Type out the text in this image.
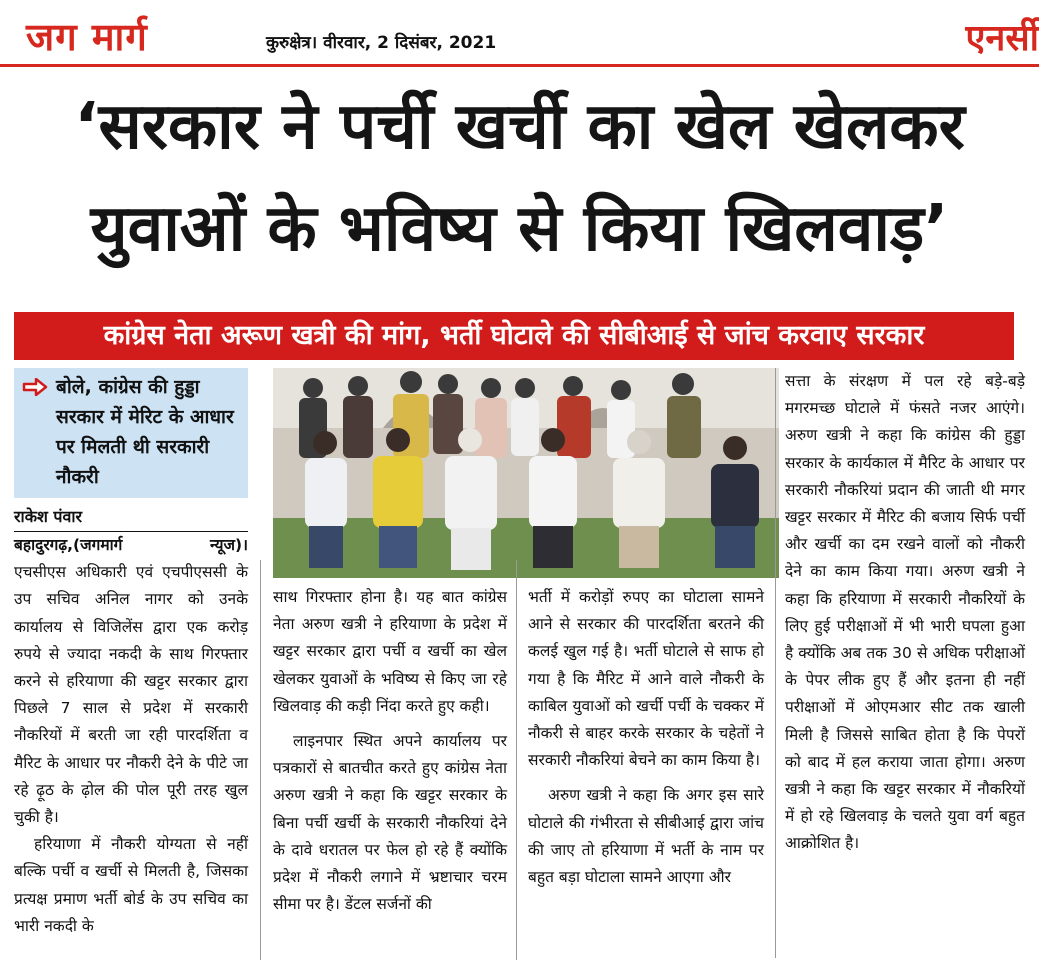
जग मार्ग	कुरुक्षेत्र। वीरवार, 2 दिसंबर, 2021	एनर्सी
‘सरकार ने पर्ची खर्ची का खेल खेलकर
युवाओं के भविष्य से किया खिलवाड़’
कांग्रेस नेता अरूण खत्री की मांग, भर्ती घोटाले की सीबीआई से जांच करवाए सरकार
बोले, कांग्रेस की हुड्डा सरकार में मेरिट के आधार पर मिलती थी सरकारी नौकरी
राकेश पंवार

बहादुरगढ़,(जगमार्ग न्यूज)।

एचसीएस अधिकारी एवं एचपीएससी के उप सचिव अनिल नागर को उनके कार्यालय से विजिलेंस द्वारा एक करोड़ रुपये से ज्यादा नकदी के साथ गिरफ्तार करने से हरियाणा की खट्टर सरकार द्वारा पिछले 7 साल से प्रदेश में सरकारी नौकरियों में बरती जा रही पारदर्शिता व मैरिट के आधार पर नौकरी देने के पीटे जा रहे ढ़ूठ के ढ़ोल की पोल पूरी तरह खुल चुकी है।

हरियाणा में नौकरी योग्यता से नहीं बल्कि पर्ची व खर्ची से मिलती है, जिसका प्रत्यक्ष प्रमाण भर्ती बोर्ड के उप सचिव का भारी नकदी के

साथ गिरफ्तार होना है। यह बात कांग्रेस नेता अरुण खत्री ने हरियाणा के प्रदेश में खट्टर सरकार द्वारा पर्ची व खर्ची का खेल खेलकर युवाओं के भविष्य से किए जा रहे खिलवाड़ की कड़ी निंदा करते हुए कही।

लाइनपार स्थित अपने कार्यालय पर पत्रकारों से बातचीत करते हुए कांग्रेस नेता अरुण खत्री ने कहा कि खट्टर सरकार के बिना पर्ची खर्ची के सरकारी नौकरियां देने के दावे धरातल पर फेल हो रहे हैं क्योंकि प्रदेश में नौकरी लगाने में भ्रष्टाचार चरम सीमा पर है। डेंटल सर्जनों की

भर्ती में करोड़ों रुपए का घोटाला सामने आने से सरकार की पारदर्शिता बरतने की कलई खुल गई है। भर्ती घोटाले से साफ हो गया है कि मैरिट में आने वाले नौकरी के काबिल युवाओं को खर्ची पर्ची के चक्कर में नौकरी से बाहर करके सरकार के चहेतों ने सरकारी नौकरियां बेचने का काम किया है।

अरुण खत्री ने कहा कि अगर इस सारे घोटाले की गंभीरता से सीबीआई द्वारा जांच की जाए तो हरियाणा में भर्ती के नाम पर बहुत बड़ा घोटाला सामने आएगा और

सत्ता के संरक्षण में पल रहे बड़े-बड़े मगरमच्छ घोटाले में फंसते नजर आएंगे। अरुण खत्री ने कहा कि कांग्रेस की हुड्डा सरकार के कार्यकाल में मैरिट के आधार पर सरकारी नौकरियां प्रदान की जाती थी मगर खट्टर सरकार में मैरिट की बजाय सिर्फ पर्ची और खर्ची का दम रखने वालों को नौकरी देने का काम किया गया। अरुण खत्री ने कहा कि हरियाणा में सरकारी नौकरियों के लिए हुई परीक्षाओं में भी भारी घपला हुआ है क्योंकि अब तक 30 से अधिक परीक्षाओं के पेपर लीक हुए हैं और इतना ही नहीं परीक्षाओं में ओएमआर सीट तक खाली मिली है जिससे साबित होता है कि पेपरों को बाद में हल कराया जाता होगा। अरुण खत्री ने कहा कि खट्टर सरकार में नौकरियों में हो रहे खिलवाड़ के चलते युवा वर्ग बहुत आक्रोशित है।
